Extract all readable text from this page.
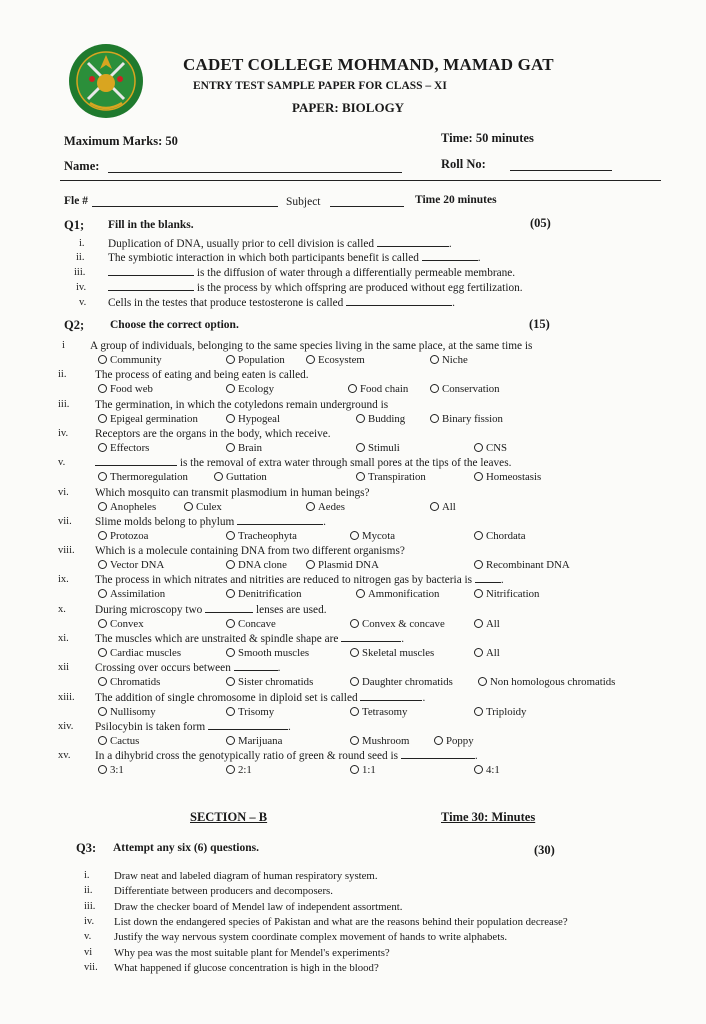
CADET COLLEGE MOHMAND, MAMAD GAT
ENTRY TEST SAMPLE PAPER FOR CLASS – XI
PAPER: BIOLOGY
Maximum Marks: 50	Time: 50 minutes
Name:	Roll No:
Fle #	Subject	Time 20 minutes
Q1; Fill in the blanks.	(05)
i. Duplication of DNA, usually prior to cell division is called	.
ii. The symbiotic interaction in which both participants benefit is called	.
iii.	is the diffusion of water through a differentially permeable membrane.
iv.	is the process by which offspring are produced without egg fertilization.
v. Cells in the testes that produce testosterone is called	.
Q2; Choose the correct option.	(15)
i A group of individuals, belonging to the same species living in the same place, at the same time is
Community	Population	Ecosystem	Niche
ii.	The process of eating and being eaten is called.
Food web	Ecology	Food chain	Conservation
iii. The germination, in which the cotyledons remain underground is
Epigeal germination	Hypogeal	Budding	Binary fission
iv. Receptors are the organs in the body, which receive.
Effectors	Brain	Stimuli	CNS
v.	is the removal of extra water through small pores at the tips of the leaves.
Thermoregulation	Guttation	Transpiration	Homeostasis
vi. Which mosquito can transmit plasmodium in human beings?
Anopheles	Culex	Aedes	All
vii. Slime molds belong to phylum	.
Protozoa	Tracheophyta	Mycota	Chordata
viii. Which is a molecule containing DNA from two different organisms?
Vector DNA	DNA clone	Plasmid DNA	Recombinant DNA
ix. The process in which nitrates and nitrities are reduced to nitrogen gas by bacteria is	.
Assimilation	Denitrification	Ammonification	Nitrification
x.	During microscopy two	lenses are used.
Convex	Concave	Convex & concave	All
xi. The muscles which are unstraited & spindle shape are	.
Cardiac muscles	Smooth muscles	Skeletal muscles	All
xii Crossing over occurs between	.
Chromatids	Sister chromatids	Daughter chromatids	Non homologous chromatids
xiii. The addition of single chromosome in diploid set is called	.
Nullisomy	Trisomy	Tetrasomy	Triploidy
xiv. Psilocybin is taken form	.
Cactus	Marijuana	Mushroom	Poppy
xv. In a dihybrid cross the genotypically ratio of green & round seed is	.
3:1	2:1	1:1	4:1
SECTION – B	Time 30: Minutes
Q3: Attempt any six (6) questions.	(30)
i. Draw neat and labeled diagram of human respiratory system.
ii. Differentiate between producers and decomposers.
iii. Draw the checker board of Mendel law of independent assortment.
iv. List down the endangered species of Pakistan and what are the reasons behind their population decrease?
v. Justify the way nervous system coordinate complex movement of hands to write alphabets.
vi Why pea was the most suitable plant for Mendel's experiments?
vii. What happened if glucose concentration is high in the blood?
